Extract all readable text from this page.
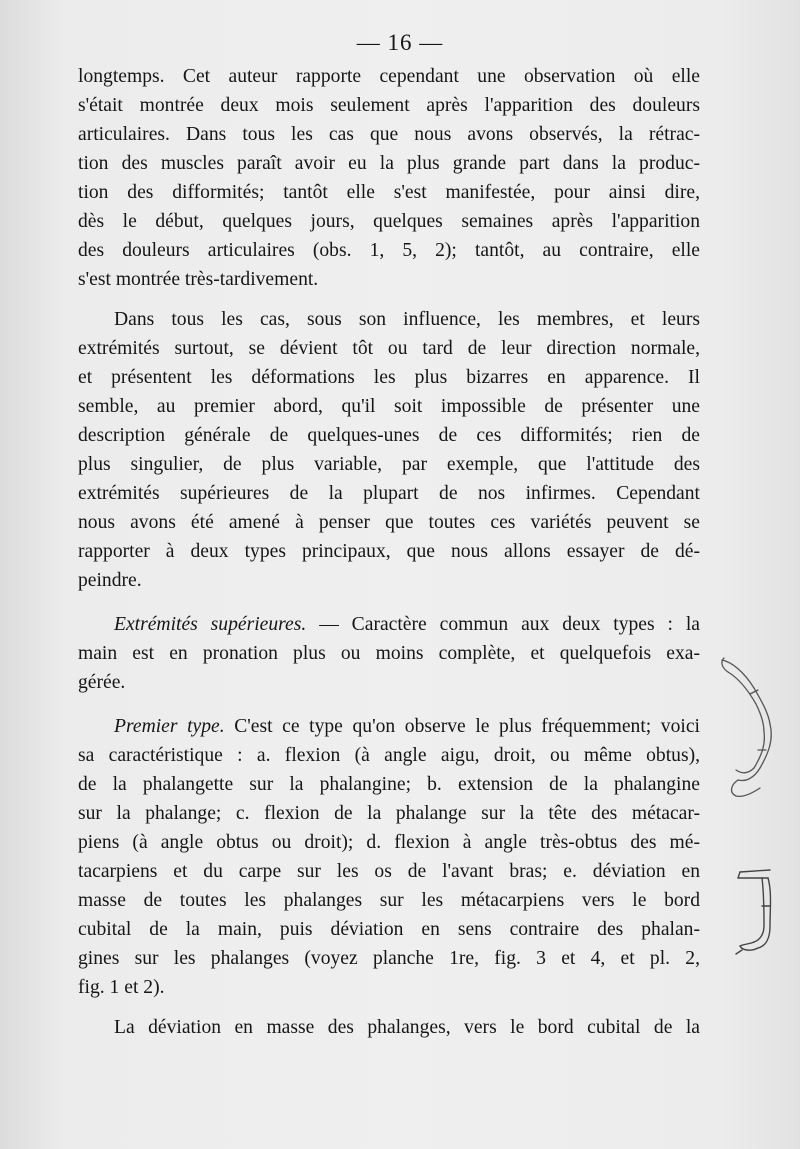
— 16 —
longtemps. Cet auteur rapporte cependant une observation où elle
s'était montrée deux mois seulement après l'apparition des douleurs
articulaires. Dans tous les cas que nous avons observés, la rétrac-
tion des muscles paraît avoir eu la plus grande part dans la produc-
tion des difformités; tantôt elle s'est manifestée, pour ainsi dire,
dès le début, quelques jours, quelques semaines après l'apparition
des douleurs articulaires (obs. 1, 5, 2); tantôt, au contraire, elle
s'est montrée très-tardivement.
Dans tous les cas, sous son influence, les membres, et leurs
extrémités surtout, se dévient tôt ou tard de leur direction normale,
et présentent les déformations les plus bizarres en apparence. Il
semble, au premier abord, qu'il soit impossible de présenter une
description générale de quelques-unes de ces difformités; rien de
plus singulier, de plus variable, par exemple, que l'attitude des
extrémités supérieures de la plupart de nos infirmes. Cependant
nous avons été amené à penser que toutes ces variétés peuvent se
rapporter à deux types principaux, que nous allons essayer de dé-
peindre.
Extrémités supérieures. — Caractère commun aux deux types : la
main est en pronation plus ou moins complète, et quelquefois exa-
gérée.
Premier type. C'est ce type qu'on observe le plus fréquemment; voici
sa caractéristique : a. flexion (à angle aigu, droit, ou même obtus),
de la phalangette sur la phalangine; b. extension de la phalangine
sur la phalange; c. flexion de la phalange sur la tête des métacar-
piens (à angle obtus ou droit); d. flexion à angle très-obtus des mé-
tacarpiens et du carpe sur les os de l'avant bras; e. déviation en
masse de toutes les phalanges sur les métacarpiens vers le bord
cubital de la main, puis déviation en sens contraire des phalan-
gines sur les phalanges (voyez planche 1re, fig. 3 et 4, et pl. 2,
fig. 1 et 2).
La déviation en masse des phalanges, vers le bord cubital de la
